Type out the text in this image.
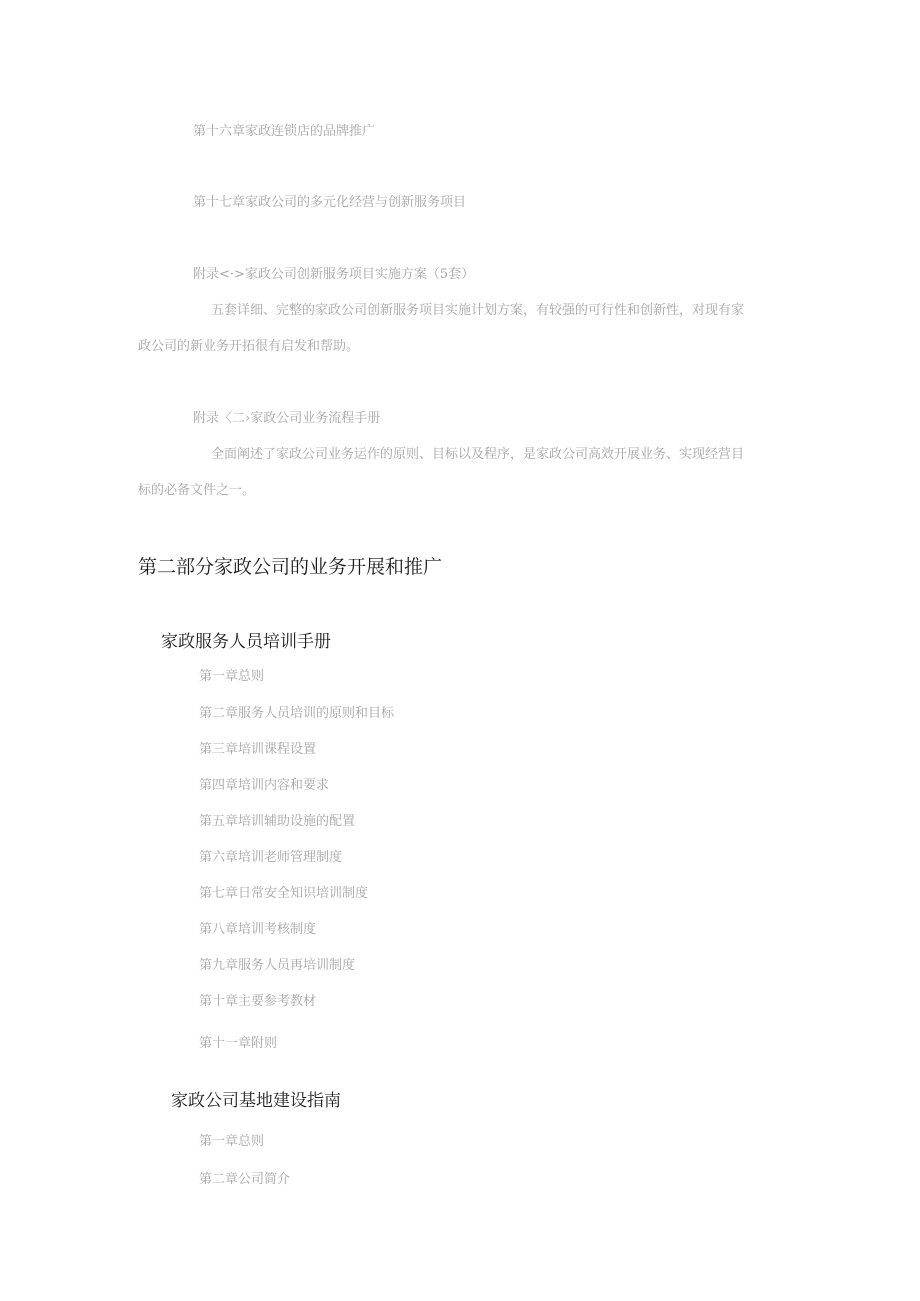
第十六章家政连锁店的品牌推广
第十七章家政公司的多元化经营与创新服务项目
附录<·>家政公司创新服务项目实施方案（5套）
五套详细、完整的家政公司创新服务项目实施计划方案，有较强的可行性和创新性，对现有家
政公司的新业务开拓很有启发和帮助。
附录〈二›家政公司业务流程手册
全面阐述了家政公司业务运作的原则、目标以及程序，是家政公司高效开展业务、实现经营目
标的必备文件之一。
第二部分家政公司的业务开展和推广
家政服务人员培训手册
第一章总则
第二章服务人员培训的原则和目标
第三章培训课程设置
第四章培训内容和要求
第五章培训辅助设施的配置
第六章培训老师管理制度
第七章日常安全知识培训制度
第八章培训考核制度
第九章服务人员再培训制度
第十章主要参考教材
第十一章附则
家政公司基地建设指南
第一章总则
第二章公司简介
